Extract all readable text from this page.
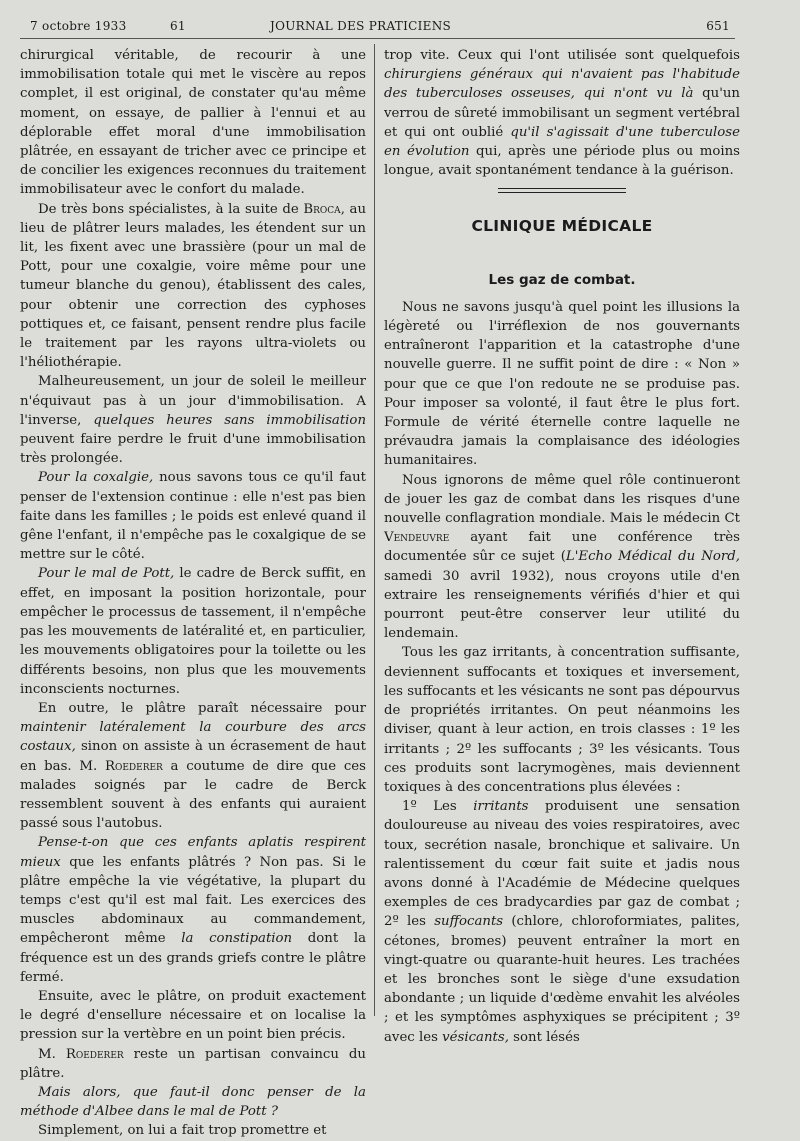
7 octobre 1933	61	JOURNAL DES PRATICIENS	651

chirurgical véritable, de recourir à une immobilisation totale qui met le viscère au repos complet, il est original, de constater qu'au même moment, on essaye, de pallier à l'ennui et au déplorable effet moral d'une immobilisation plâtrée, en essayant de tricher avec ce principe et de concilier les exigences reconnues du traitement immobilisateur avec le confort du malade.

De très bons spécialistes, à la suite de Broca, au lieu de plâtrer leurs malades, les étendent sur un lit, les fixent avec une brassière (pour un mal de Pott, pour une coxalgie, voire même pour une tumeur blanche du genou), établissent des cales, pour obtenir une correction des cyphoses pottiques et, ce faisant, pensent rendre plus facile le traitement par les rayons ultra-violets ou l'héliothérapie.

Malheureusement, un jour de soleil le meilleur n'équivaut pas à un jour d'immobilisation. A l'inverse, quelques heures sans immobilisation peuvent faire perdre le fruit d'une immobilisation très prolongée.

Pour la coxalgie, nous savons tous ce qu'il faut penser de l'extension continue : elle n'est pas bien faite dans les familles ; le poids est enlevé quand il gêne l'enfant, il n'empêche pas le coxalgique de se mettre sur le côté.

Pour le mal de Pott, le cadre de Berck suffit, en effet, en imposant la position horizontale, pour empêcher le processus de tassement, il n'empêche pas les mouvements de latéralité et, en particulier, les mouvements obligatoires pour la toilette ou les différents besoins, non plus que les mouvements inconscients nocturnes.

En outre, le plâtre paraît nécessaire pour maintenir latéralement la courbure des arcs costaux, sinon on assiste à un écrasement de haut en bas. M. Roederer a coutume de dire que ces malades soignés par le cadre de Berck ressemblent souvent à des enfants qui auraient passé sous l'autobus.

Pense-t-on que ces enfants aplatis respirent mieux que les enfants plâtrés ? Non pas. Si le plâtre empêche la vie végétative, la plupart du temps c'est qu'il est mal fait. Les exercices des muscles abdominaux au commandement, empêcheront même la constipation dont la fréquence est un des grands griefs contre le plâtre fermé.

Ensuite, avec le plâtre, on produit exactement le degré d'ensellure nécessaire et on localise la pression sur la vertèbre en un point bien précis.

M. Roederer reste un partisan convaincu du plâtre.

Mais alors, que faut-il donc penser de la méthode d'Albee dans le mal de Pott ?

Simplement, on lui a fait trop promettre et

trop vite. Ceux qui l'ont utilisée sont quelquefois chirurgiens généraux qui n'avaient pas l'habitude des tuberculoses osseuses, qui n'ont vu là qu'un verrou de sûreté immobilisant un segment vertébral et qui ont oublié qu'il s'agissait d'une tuberculose en évolution qui, après une période plus ou moins longue, avait spontanément tendance à la guérison.

CLINIQUE MÉDICALE
Les gaz de combat.

Nous ne savons jusqu'à quel point les illusions la légèreté ou l'irréflexion de nos gouvernants entraîneront l'apparition et la catastrophe d'une nouvelle guerre. Il ne suffit point de dire : « Non » pour que ce que l'on redoute ne se produise pas. Pour imposer sa volonté, il faut être le plus fort. Formule de vérité éternelle contre laquelle ne prévaudra jamais la complaisance des idéologies humanitaires.

Nous ignorons de même quel rôle continueront de jouer les gaz de combat dans les risques d'une nouvelle conflagration mondiale. Mais le médecin Ct Vendeuvre ayant fait une conférence très documentée sûr ce sujet (L'Echo Médical du Nord, samedi 30 avril 1932), nous croyons utile d'en extraire les renseignements vérifiés d'hier et qui pourront peut-être conserver leur utilité du lendemain.

Tous les gaz irritants, à concentration suffisante, deviennent suffocants et toxiques et inversement, les suffocants et les vésicants ne sont pas dépourvus de propriétés irritantes. On peut néanmoins les diviser, quant à leur action, en trois classes : 1º les irritants ; 2º les suffocants ; 3º les vésicants. Tous ces produits sont lacrymogènes, mais deviennent toxiques à des concentrations plus élevées :

1º Les irritants produisent une sensation douloureuse au niveau des voies respiratoires, avec toux, secrétion nasale, bronchique et salivaire. Un ralentissement du cœur fait suite et jadis nous avons donné à l'Académie de Médecine quelques exemples de ces bradycardies par gaz de combat ; 2º les suffocants (chlore, chloroformiates, palites, cétones, bromes) peuvent entraîner la mort en vingt-quatre ou quarante-huit heures. Les trachées et les bronches sont le siège d'une exsudation abondante ; un liquide d'œdème envahit les alvéoles ; et les symptômes asphyxiques se précipitent ; 3º avec les vésicants, sont lésés
